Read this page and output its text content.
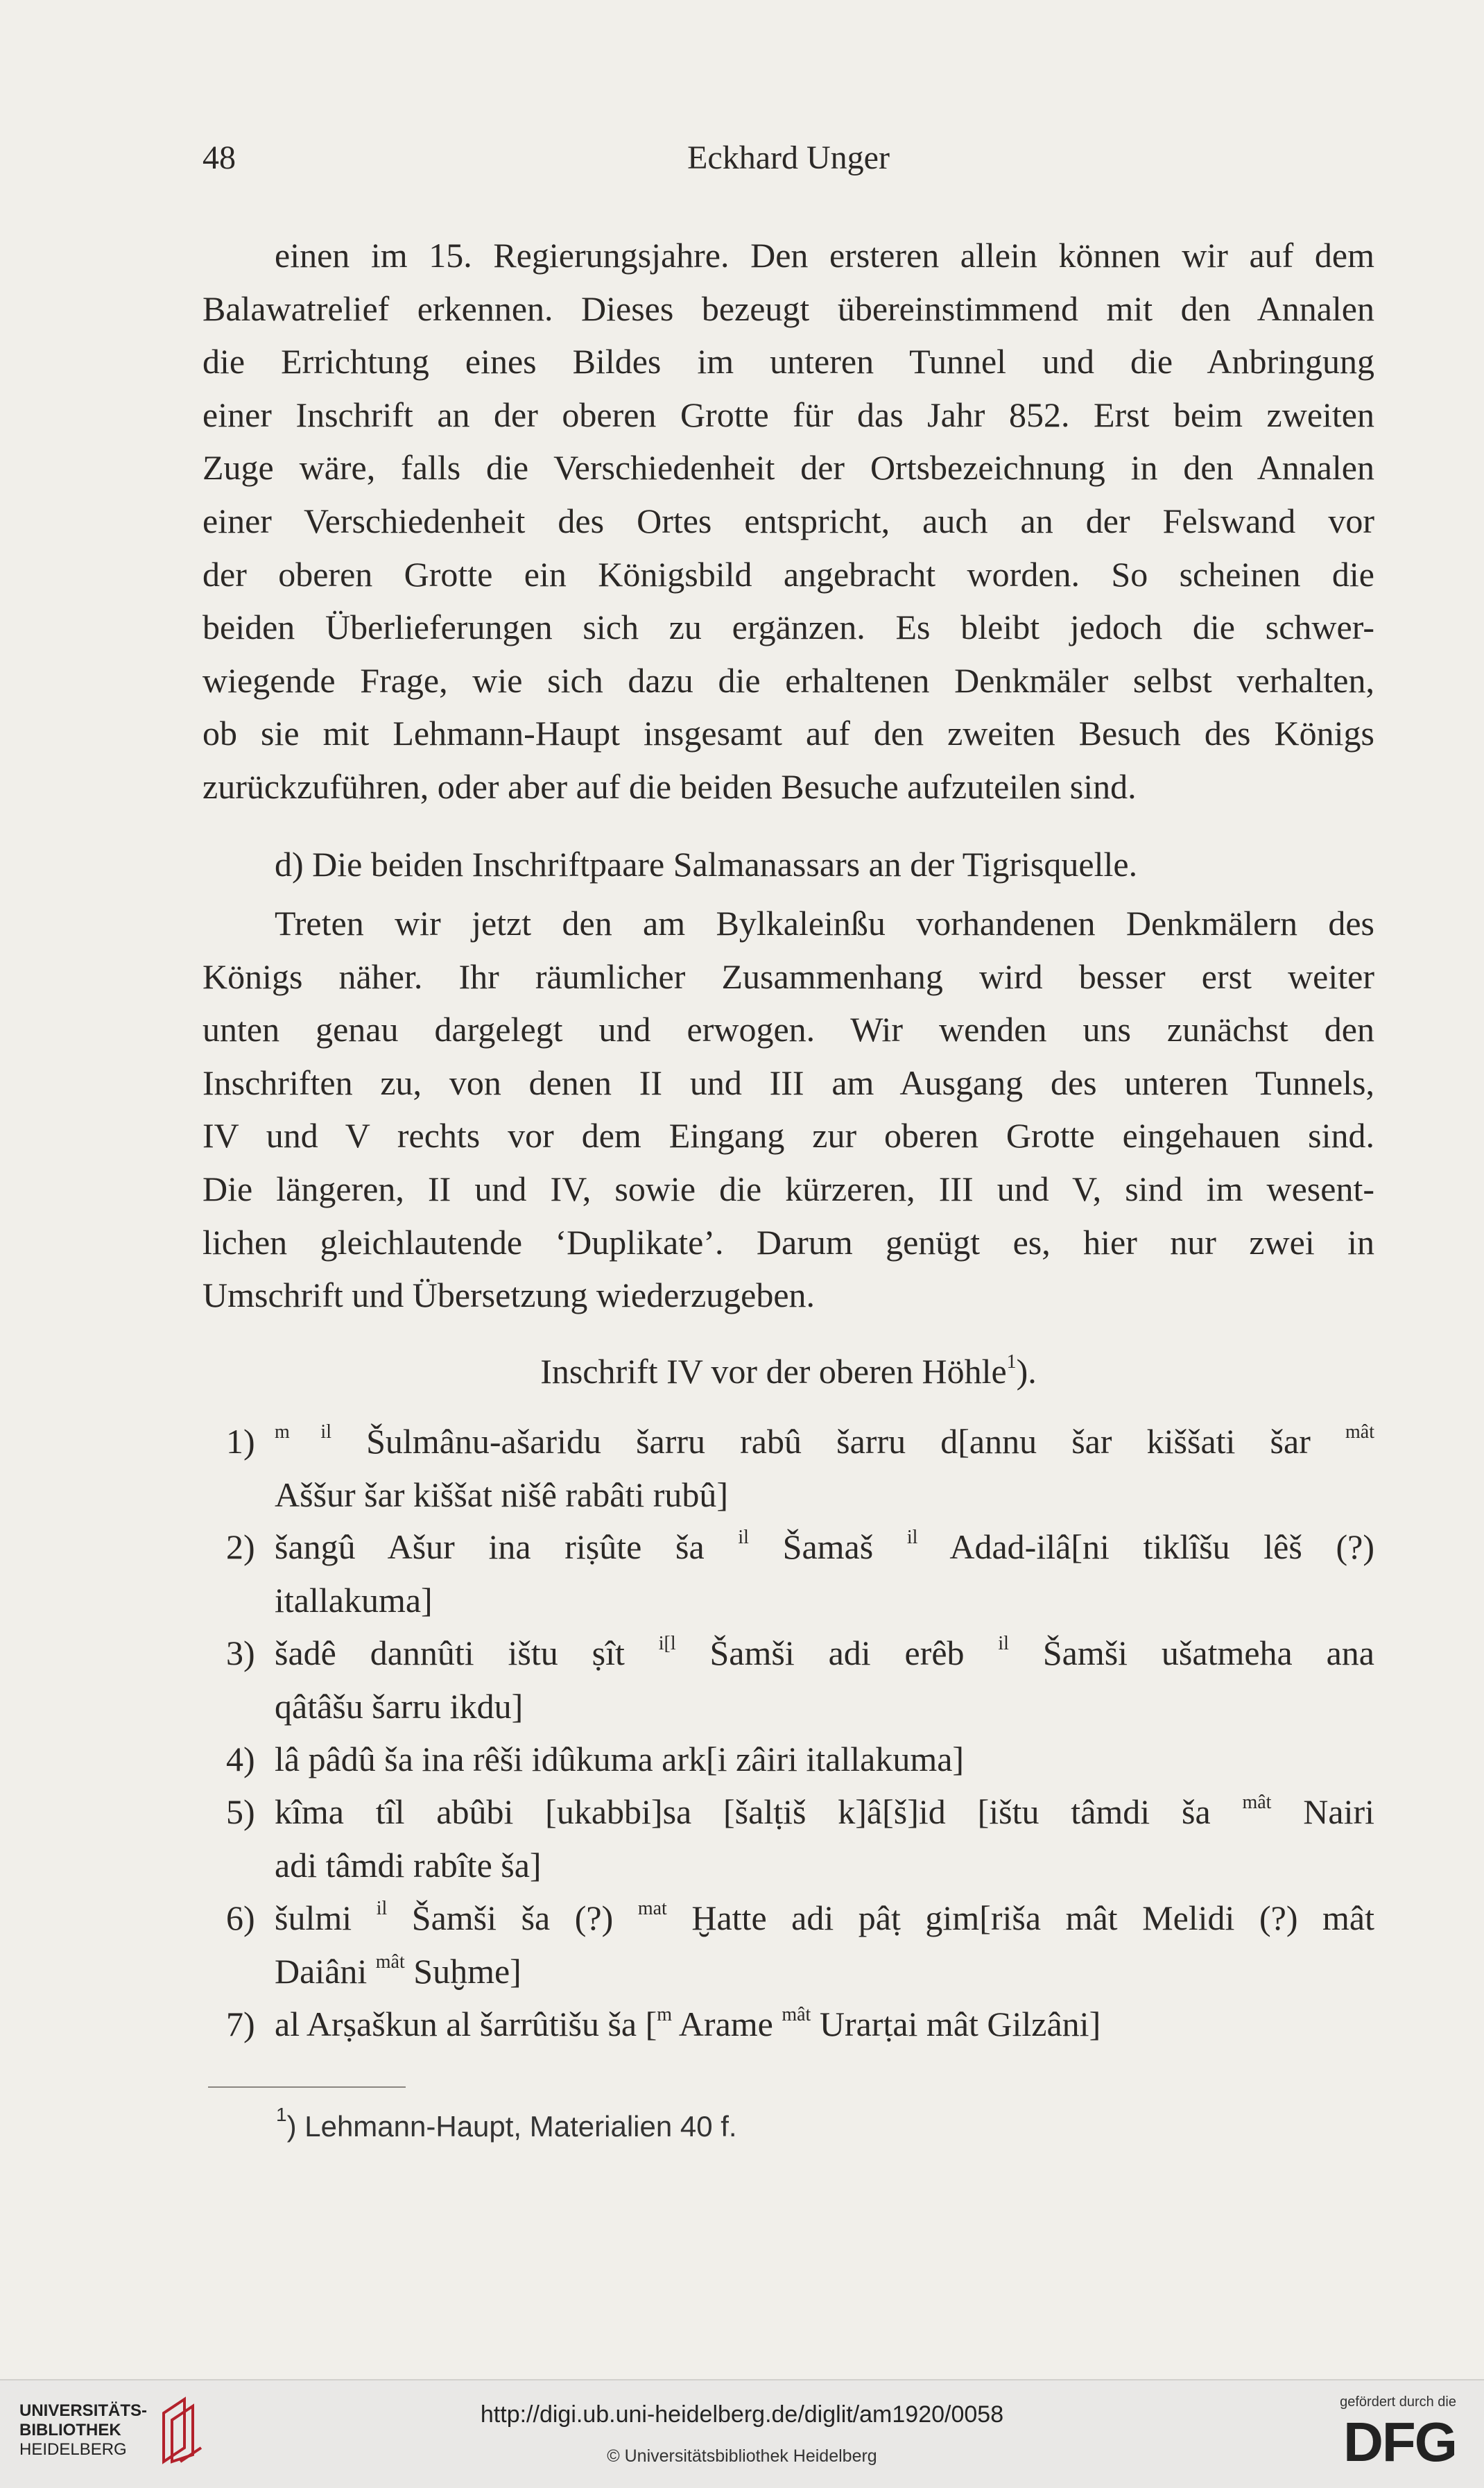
48	Eckhard Unger
einen im 15. Regierungsjahre. Den ersteren allein können wir auf dem
Balawatrelief erkennen. Dieses bezeugt übereinstimmend mit den Annalen
die Errichtung eines Bildes im unteren Tunnel und die Anbringung
einer Inschrift an der oberen Grotte für das Jahr 852. Erst beim zweiten
Zuge wäre, falls die Verschiedenheit der Ortsbezeichnung in den Annalen
einer Verschiedenheit des Ortes entspricht, auch an der Felswand vor
der oberen Grotte ein Königsbild angebracht worden. So scheinen die
beiden Überlieferungen sich zu ergänzen. Es bleibt jedoch die schwer-
wiegende Frage, wie sich dazu die erhaltenen Denkmäler selbst verhalten,
ob sie mit Lehmann-Haupt insgesamt auf den zweiten Besuch des Königs
zurückzuführen, oder aber auf die beiden Besuche aufzuteilen sind.
d) Die beiden Inschriftpaare Salmanassars an der Tigrisquelle.
Treten wir jetzt den am Bylkaleinßu vorhandenen Denkmälern des
Königs näher. Ihr räumlicher Zusammenhang wird besser erst weiter
unten genau dargelegt und erwogen. Wir wenden uns zunächst den
Inschriften zu, von denen II und III am Ausgang des unteren Tunnels,
IV und V rechts vor dem Eingang zur oberen Grotte eingehauen sind.
Die längeren, II und IV, sowie die kürzeren, III und V, sind im wesent-
lichen gleichlautende ‘Duplikate’. Darum genügt es, hier nur zwei in
Umschrift und Übersetzung wiederzugeben.
Inschrift IV vor der oberen Höhle$^1$).
1)	$^{m il}$ Šulmânu-ašaridu šarru rabû šarru d[annu šar kiššati šar $^{mât}$
Aššur šar kiššat nišê rabâti rubû]
2) šangû Ašur ina riṣûte ša $^{il}$ Šamaš $^{il}$ Adad-ilâ[ni tiklîšu lêš (?)
itallakuma]
3) šadê dannûti ištu ṣît $^{i[l}$ Šamši adi erêb $^{il}$ Šamši ušatmeha ana
qâtâšu šarru ikdu]
4) lâ pâdû ša ina rêši idûkuma ark[i zâiri itallakuma]
5) kîma tîl abûbi [ukabbi]sa [šalṭiš k]â[š]id [ištu tâmdi ša $^{mât}$ Nairi
adi tâmdi rabîte ša]
6) šulmi $^{il}$ Šamši ša (?) $^{mat}$ Ḫatte adi pâṭ gim[riša mât Melidi (?) mât
Daiâni $^{mât}$ Suḫme]
7) al Arṣaškun al šarrûtišu ša [$^m$ Arame $^{mât}$ Urarṭai mât Gilzâni]
$^1$) Lehmann-Haupt, Materialien 40 f.
UNIVERSITÄTS-
BIBLIOTHEK
HEIDELBERG
http://digi.ub.uni-heidelberg.de/diglit/am1920/0058
© Universitätsbibliothek Heidelberg
gefördert durch die
DFG
